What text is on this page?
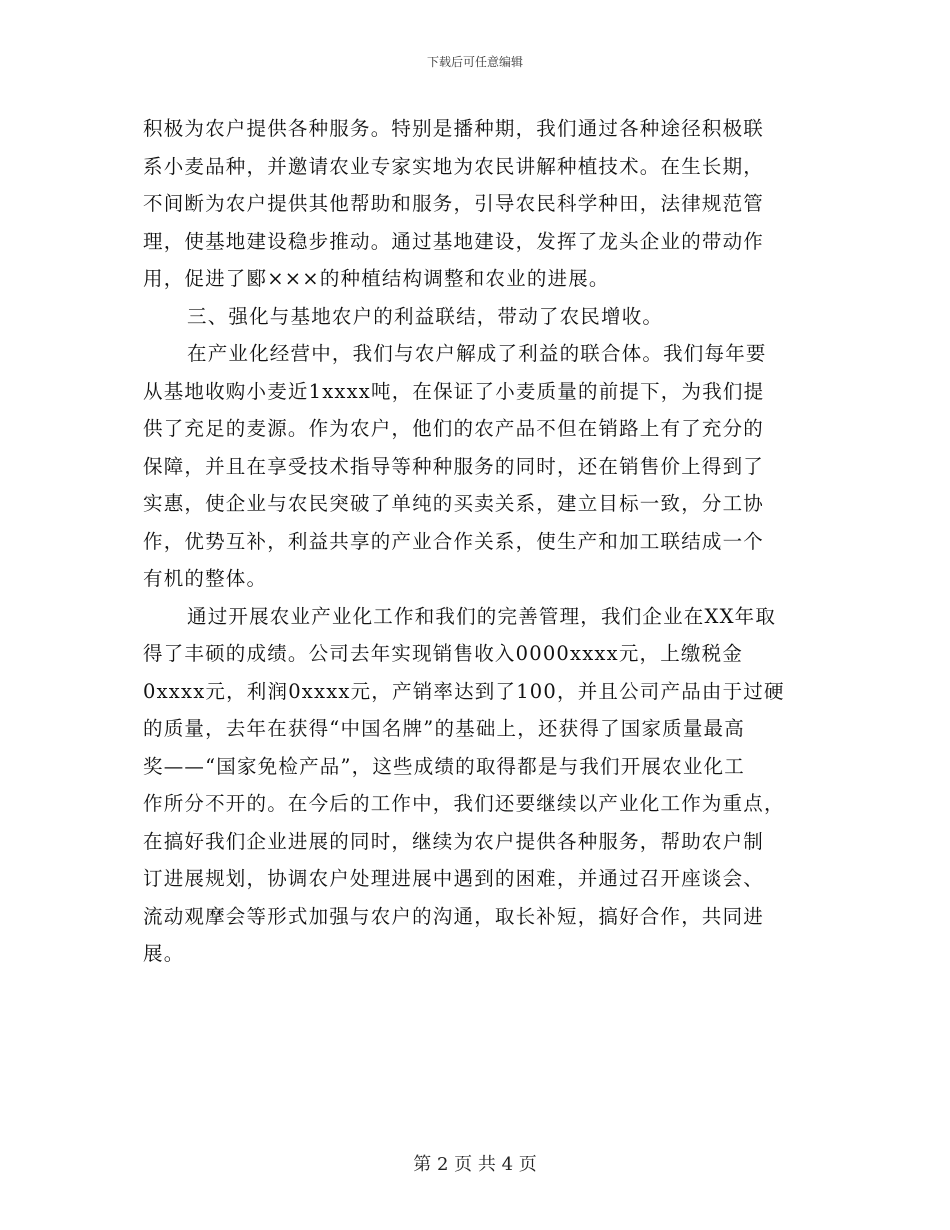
下载后可任意编辑
积极为农户提供各种服务。特别是播种期，我们通过各种途径积极联
系小麦品种，并邀请农业专家实地为农民讲解种植技术。在生长期，
不间断为农户提供其他帮助和服务，引导农民科学种田，法律规范管
理，使基地建设稳步推动。通过基地建设，发挥了龙头企业的带动作
用，促进了郾×××的种植结构调整和农业的进展。
三、强化与基地农户的利益联结，带动了农民增收。
在产业化经营中，我们与农户解成了利益的联合体。我们每年要
从基地收购小麦近1xxxx吨，在保证了小麦质量的前提下，为我们提
供了充足的麦源。作为农户，他们的农产品不但在销路上有了充分的
保障，并且在享受技术指导等种种服务的同时，还在销售价上得到了
实惠，使企业与农民突破了单纯的买卖关系，建立目标一致，分工协
作，优势互补，利益共享的产业合作关系，使生产和加工联结成一个
有机的整体。
通过开展农业产业化工作和我们的完善管理，我们企业在XX年取
得了丰硕的成绩。公司去年实现销售收入0000xxxx元，上缴税金
0xxxx元，利润0xxxx元，产销率达到了100，并且公司产品由于过硬
的质量，去年在获得“中国名牌”的基础上，还获得了国家质量最高
奖——“国家免检产品”，这些成绩的取得都是与我们开展农业化工
作所分不开的。在今后的工作中，我们还要继续以产业化工作为重点，
在搞好我们企业进展的同时，继续为农户提供各种服务，帮助农户制
订进展规划，协调农户处理进展中遇到的困难，并通过召开座谈会、
流动观摩会等形式加强与农户的沟通，取长补短，搞好合作，共同进
展。
第 2 页 共 4 页
